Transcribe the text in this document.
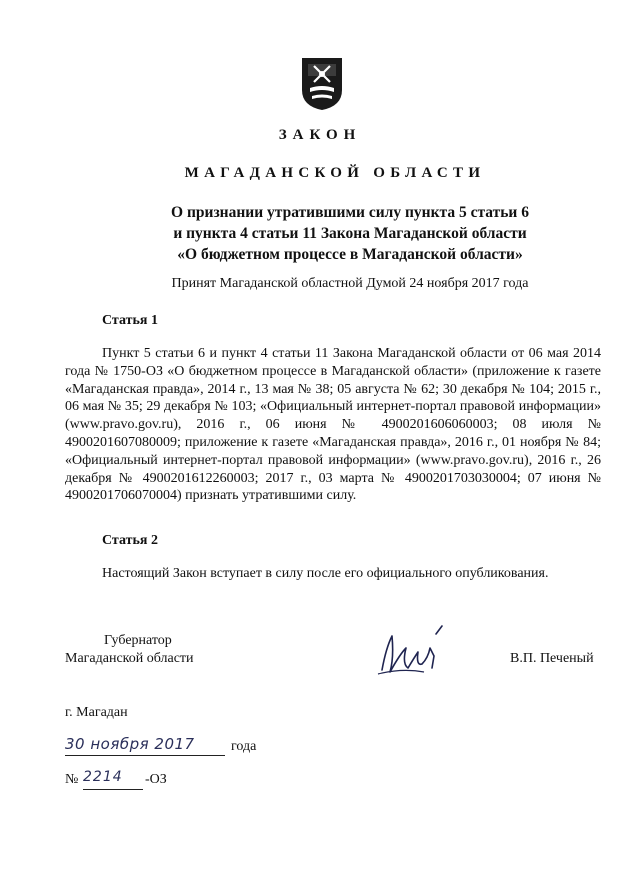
ЗАКОН
МАГАДАНСКОЙ ОБЛАСТИ
О признании утратившими силу пункта 5 статьи 6
и пункта 4 статьи 11 Закона Магаданской области
«О бюджетном процессе в Магаданской области»
Принят Магаданской областной Думой 24 ноября 2017 года
Статья 1
Пункт 5 статьи 6 и пункт 4 статьи 11 Закона Магаданской области от 06 мая 2014 года № 1750-ОЗ «О бюджетном процессе в Магаданской области» (приложение к газете «Магаданская правда», 2014 г., 13 мая № 38; 05 августа № 62; 30 декабря № 104; 2015 г., 06 мая № 35; 29 декабря № 103; «Официальный интернет-портал правовой информации» (www.pravo.gov.ru), 2016 г., 06 июня № 4900201606060003; 08 июля № 4900201607080009; приложение к газете «Магаданская правда», 2016 г., 01 ноября № 84; «Официальный интернет-портал правовой информации» (www.pravo.gov.ru), 2016 г., 26 декабря № 4900201612260003; 2017 г., 03 марта № 4900201703030004; 07 июня № 4900201706070004) признать утратившими силу.
Статья 2
Настоящий Закон вступает в силу после его официального опубликования.
Губернатор
Магаданской области	В.П. Печеный
г. Магадан
30 ноября 2017	года
№ 2214	-ОЗ
